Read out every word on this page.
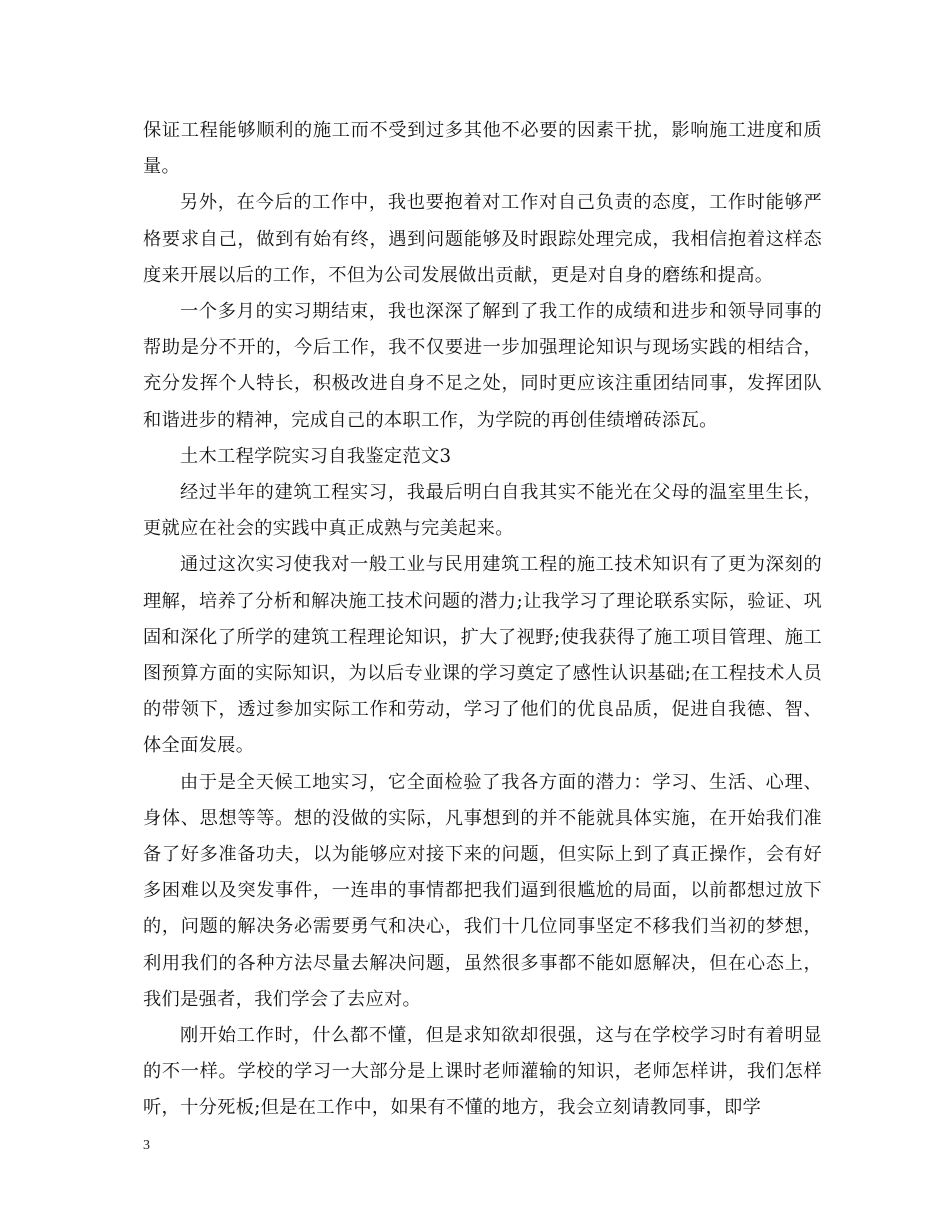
保证工程能够顺利的施工而不受到过多其他不必要的因素干扰，影响施工进度和质量。

另外，在今后的工作中，我也要抱着对工作对自己负责的态度，工作时能够严格要求自己，做到有始有终，遇到问题能够及时跟踪处理完成，我相信抱着这样态度来开展以后的工作，不但为公司发展做出贡献，更是对自身的磨练和提高。

一个多月的实习期结束，我也深深了解到了我工作的成绩和进步和领导同事的帮助是分不开的，今后工作，我不仅要进一步加强理论知识与现场实践的相结合，充分发挥个人特长，积极改进自身不足之处，同时更应该注重团结同事，发挥团队和谐进步的精神，完成自己的本职工作，为学院的再创佳绩增砖添瓦。

土木工程学院实习自我鉴定范文3

经过半年的建筑工程实习，我最后明白自我其实不能光在父母的温室里生长，更就应在社会的实践中真正成熟与完美起来。

通过这次实习使我对一般工业与民用建筑工程的施工技术知识有了更为深刻的理解，培养了分析和解决施工技术问题的潜力;让我学习了理论联系实际，验证、巩固和深化了所学的建筑工程理论知识，扩大了视野;使我获得了施工项目管理、施工图预算方面的实际知识，为以后专业课的学习奠定了感性认识基础;在工程技术人员的带领下，透过参加实际工作和劳动，学习了他们的优良品质，促进自我德、智、体全面发展。

由于是全天候工地实习，它全面检验了我各方面的潜力：学习、生活、心理、身体、思想等等。想的没做的实际，凡事想到的并不能就具体实施，在开始我们准备了好多准备功夫，以为能够应对接下来的问题，但实际上到了真正操作，会有好多困难以及突发事件，一连串的事情都把我们逼到很尴尬的局面，以前都想过放下的，问题的解决务必需要勇气和决心，我们十几位同事坚定不移我们当初的梦想，利用我们的各种方法尽量去解决问题，虽然很多事都不能如愿解决，但在心态上，我们是强者，我们学会了去应对。

刚开始工作时，什么都不懂，但是求知欲却很强，这与在学校学习时有着明显的不一样。学校的学习一大部分是上课时老师灌输的知识，老师怎样讲，我们怎样听，十分死板;但是在工作中，如果有不懂的地方，我会立刻请教同事，即学

3
